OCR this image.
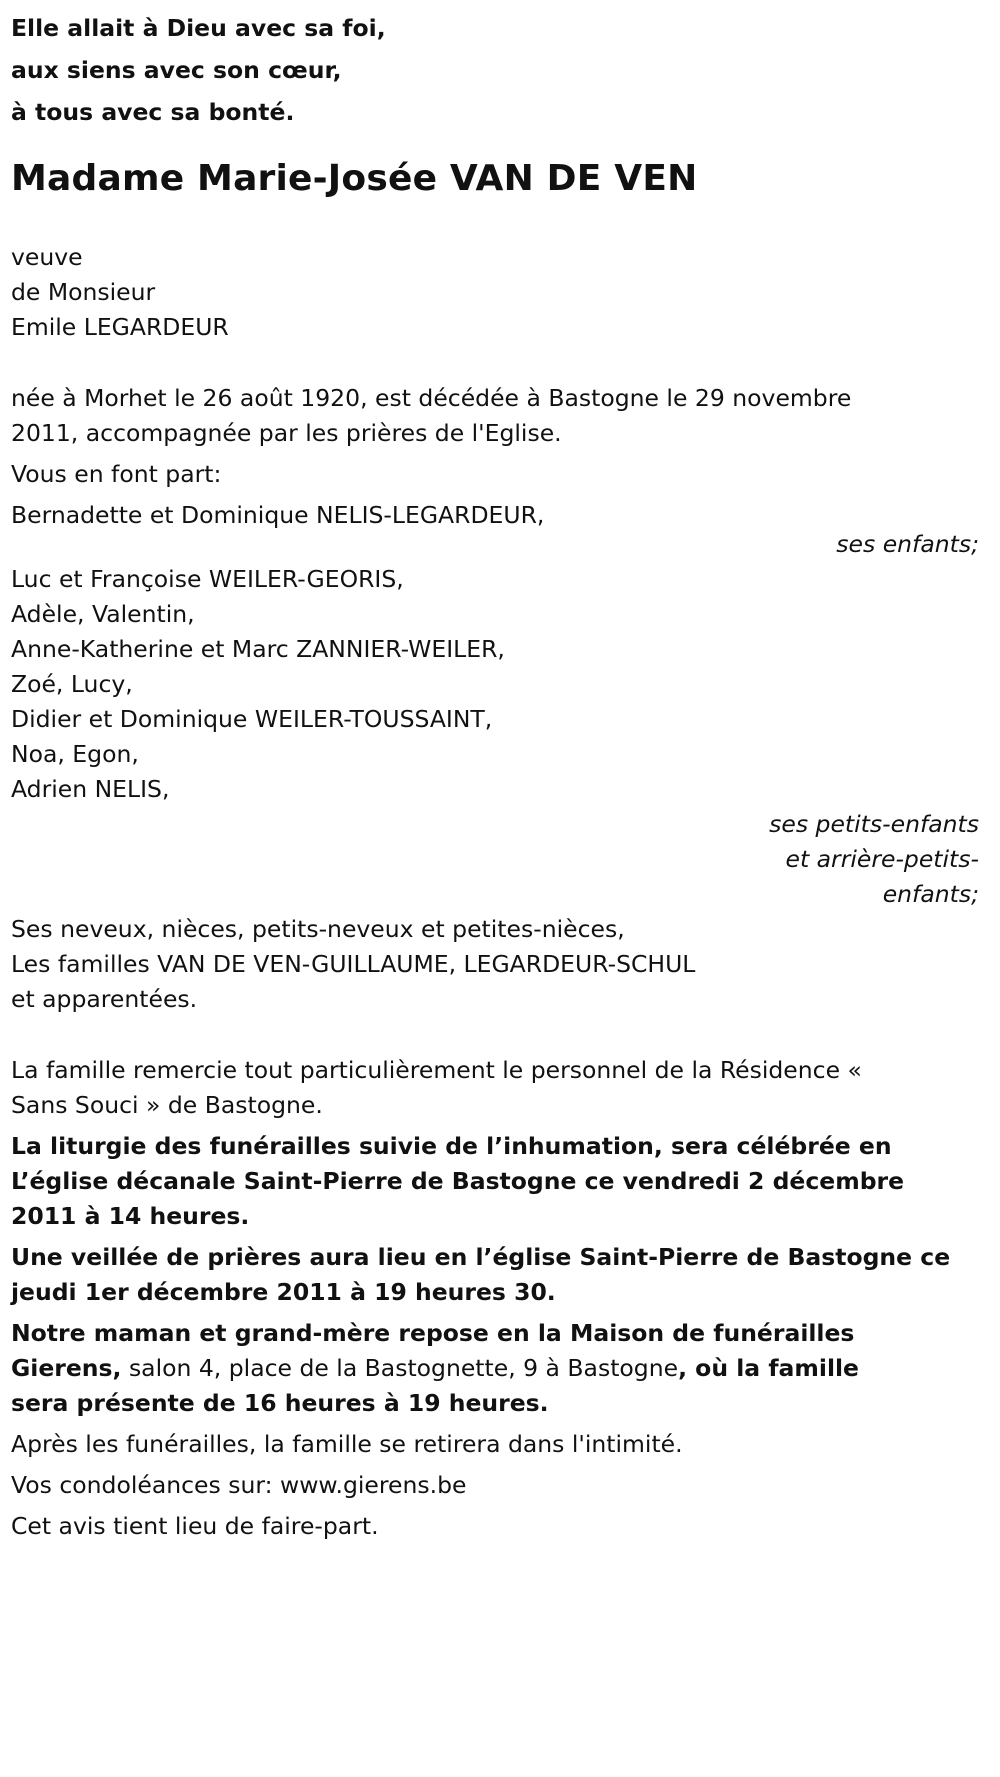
Elle allait à Dieu avec sa foi,
aux siens avec son cœur,
à tous avec sa bonté.
Madame Marie-Josée VAN DE VEN
veuve
de Monsieur
Emile LEGARDEUR
née à Morhet le 26 août 1920, est décédée à Bastogne le 29 novembre
2011, accompagnée par les prières de l'Eglise.
Vous en font part:
Bernadette et Dominique NELIS-LEGARDEUR,
ses enfants;
Luc et Françoise WEILER-GEORIS,
Adèle, Valentin,
Anne-Katherine et Marc ZANNIER-WEILER,
Zoé, Lucy,
Didier et Dominique WEILER-TOUSSAINT,
Noa, Egon,
Adrien NELIS,
ses petits-enfants
et arrière-petits-
enfants;
Ses neveux, nièces, petits-neveux et petites-nièces,
Les familles VAN DE VEN-GUILLAUME, LEGARDEUR-SCHUL
et apparentées.
La famille remercie tout particulièrement le personnel de la Résidence «
Sans Souci » de Bastogne.
La liturgie des funérailles suivie de l’inhumation, sera célébrée en
L’église décanale Saint-Pierre de Bastogne ce vendredi 2 décembre
2011 à 14 heures.
Une veillée de prières aura lieu en l’église Saint-Pierre de Bastogne ce
jeudi 1er décembre 2011 à 19 heures 30.
Notre maman et grand-mère repose en la Maison de funérailles
Gierens, salon 4, place de la Bastognette, 9 à Bastogne, où la famille
sera présente de 16 heures à 19 heures.
Après les funérailles, la famille se retirera dans l'intimité.
Vos condoléances sur: www.gierens.be
Cet avis tient lieu de faire-part.
